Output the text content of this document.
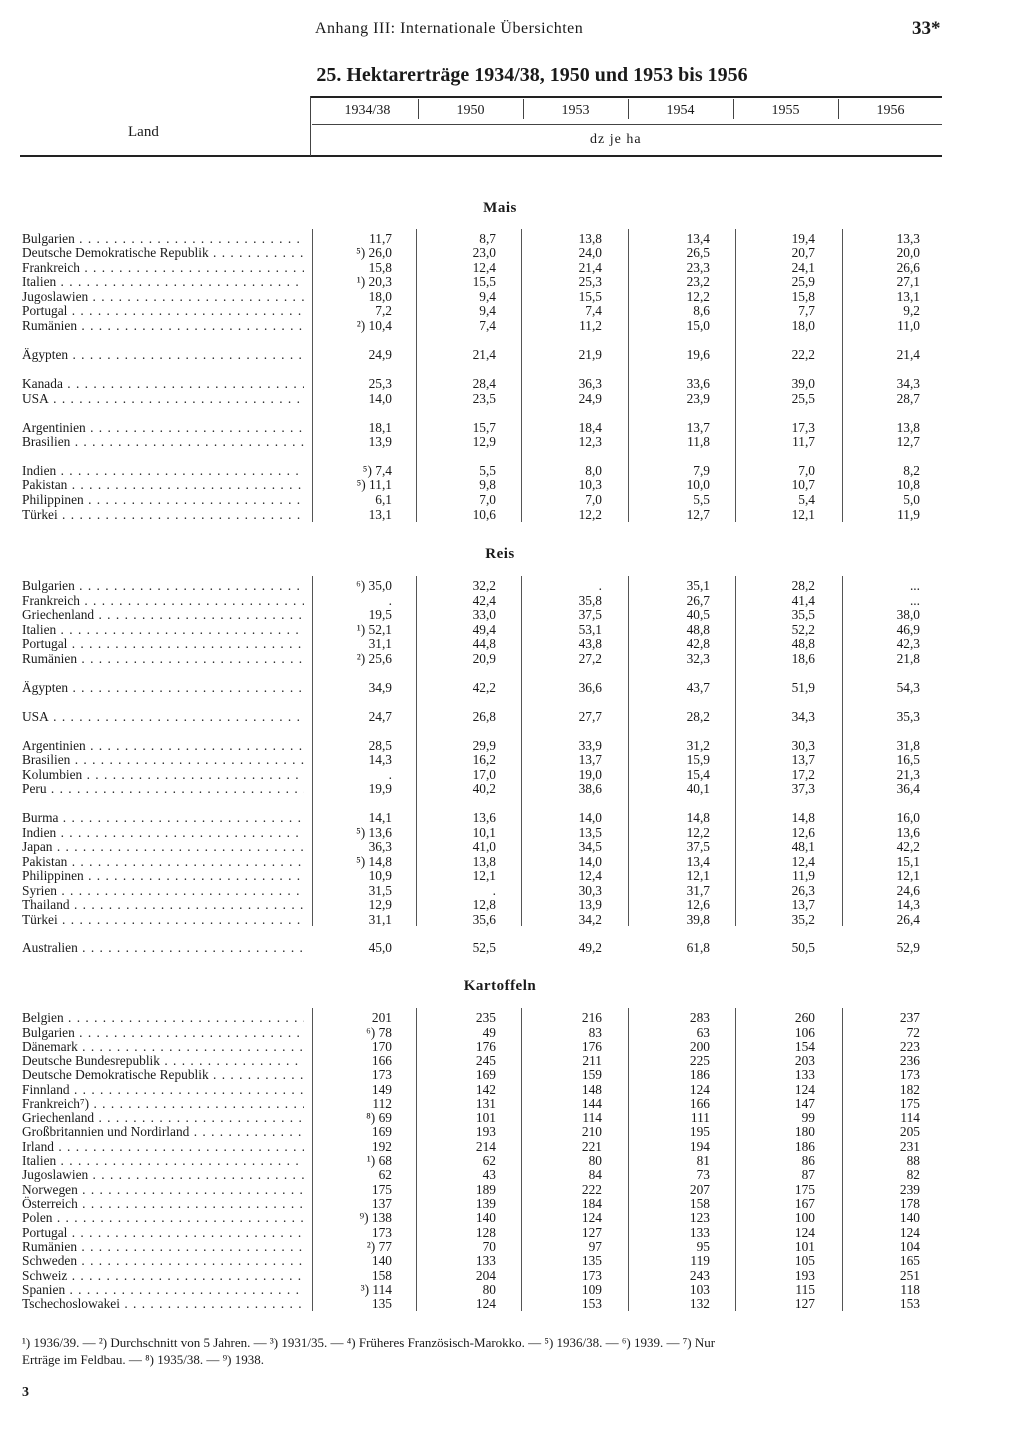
Anhang III: Internationale Übersichten	33*
25. Hektarerträge 1934/38, 1950 und 1953 bis 1956
Land
1934/38	1950	1953	1954	1955	1956
dz je ha
Mais
Bulgarien . . .	11,7	8,7	13,8	13,4	19,4	13,3
Deutsche Demokratische Republik . . .	⁵) 26,0	23,0	24,0	26,5	20,7	20,0
Frankreich . . .	15,8	12,4	21,4	23,3	24,1	26,6
Italien . . .	¹) 20,3	15,5	25,3	23,2	25,9	27,1
Jugoslawien . . .	18,0	9,4	15,5	12,2	15,8	13,1
Portugal . . .	7,2	9,4	7,4	8,6	7,7	9,2
Rumänien . . .	²) 10,4	7,4	11,2	15,0	18,0	11,0
Ägypten . . .	24,9	21,4	21,9	19,6	22,2	21,4
Kanada . . .	25,3	28,4	36,3	33,6	39,0	34,3
USA . . .	14,0	23,5	24,9	23,9	25,5	28,7
Argentinien . . .	18,1	15,7	18,4	13,7	17,3	13,8
Brasilien . . .	13,9	12,9	12,3	11,8	11,7	12,7
Indien . . .	⁵) 7,4	5,5	8,0	7,9	7,0	8,2
Pakistan . . .	⁵) 11,1	9,8	10,3	10,0	10,7	10,8
Philippinen . . .	6,1	7,0	7,0	5,5	5,4	5,0
Türkei . . .	13,1	10,6	12,2	12,7	12,1	11,9
Reis
Bulgarien . . .	⁶) 35,0	32,2	.	35,1	28,2	...
Frankreich . . .	.	42,4	35,8	26,7	41,4	...
Griechenland . . .	19,5	33,0	37,5	40,5	35,5	38,0
Italien . . .	¹) 52,1	49,4	53,1	48,8	52,2	46,9
Portugal . . .	31,1	44,8	43,8	42,8	48,8	42,3
Rumänien . . .	²) 25,6	20,9	27,2	32,3	18,6	21,8
Ägypten . . .	34,9	42,2	36,6	43,7	51,9	54,3
USA . . .	24,7	26,8	27,7	28,2	34,3	35,3
Argentinien . . .	28,5	29,9	33,9	31,2	30,3	31,8
Brasilien . . .	14,3	16,2	13,7	15,9	13,7	16,5
Kolumbien . . .	.	17,0	19,0	15,4	17,2	21,3
Peru . . .	19,9	40,2	38,6	40,1	37,3	36,4
Burma . . .	14,1	13,6	14,0	14,8	14,8	16,0
Indien . . .	⁵) 13,6	10,1	13,5	12,2	12,6	13,6
Japan . . .	36,3	41,0	34,5	37,5	48,1	42,2
Pakistan . . .	⁵) 14,8	13,8	14,0	13,4	12,4	15,1
Philippinen . . .	10,9	12,1	12,4	12,1	11,9	12,1
Syrien . . .	31,5	.	30,3	31,7	26,3	24,6
Thailand . . .	12,9	12,8	13,9	12,6	13,7	14,3
Türkei . . .	31,1	35,6	34,2	39,8	35,2	26,4
Australien . . .	45,0	52,5	49,2	61,8	50,5	52,9
Kartoffeln
Belgien . . .	201	235	216	283	260	237
Bulgarien . . .	⁶) 78	49	83	63	106	72
Dänemark . . .	170	176	176	200	154	223
Deutsche Bundesrepublik . . .	166	245	211	225	203	236
Deutsche Demokratische Republik . . .	173	169	159	186	133	173
Finnland . . .	149	142	148	124	124	182
Frankreich⁷) . . .	112	131	144	166	147	175
Griechenland . . .	⁸) 69	101	114	111	99	114
Großbritannien und Nordirland . . .	169	193	210	195	180	205
Irland . . .	192	214	221	194	186	231
Italien . . .	¹) 68	62	80	81	86	88
Jugoslawien . . .	62	43	84	73	87	82
Norwegen . . .	175	189	222	207	175	239
Österreich . . .	137	139	184	158	167	178
Polen . . .	⁹) 138	140	124	123	100	140
Portugal . . .	173	128	127	133	124	124
Rumänien . . .	²) 77	70	97	95	101	104
Schweden . . .	140	133	135	119	105	165
Schweiz . . .	158	204	173	243	193	251
Spanien . . .	³) 114	80	109	103	115	118
Tschechoslowakei . . .	135	124	153	132	127	153
¹) 1936/39. — ²) Durchschnitt von 5 Jahren. — ³) 1931/35. — ⁴) Früheres Französisch-Marokko. — ⁵) 1936/38. — ⁶) 1939. — ⁷) Nur
Erträge im Feldbau. — ⁸) 1935/38. — ⁹) 1938.
3
